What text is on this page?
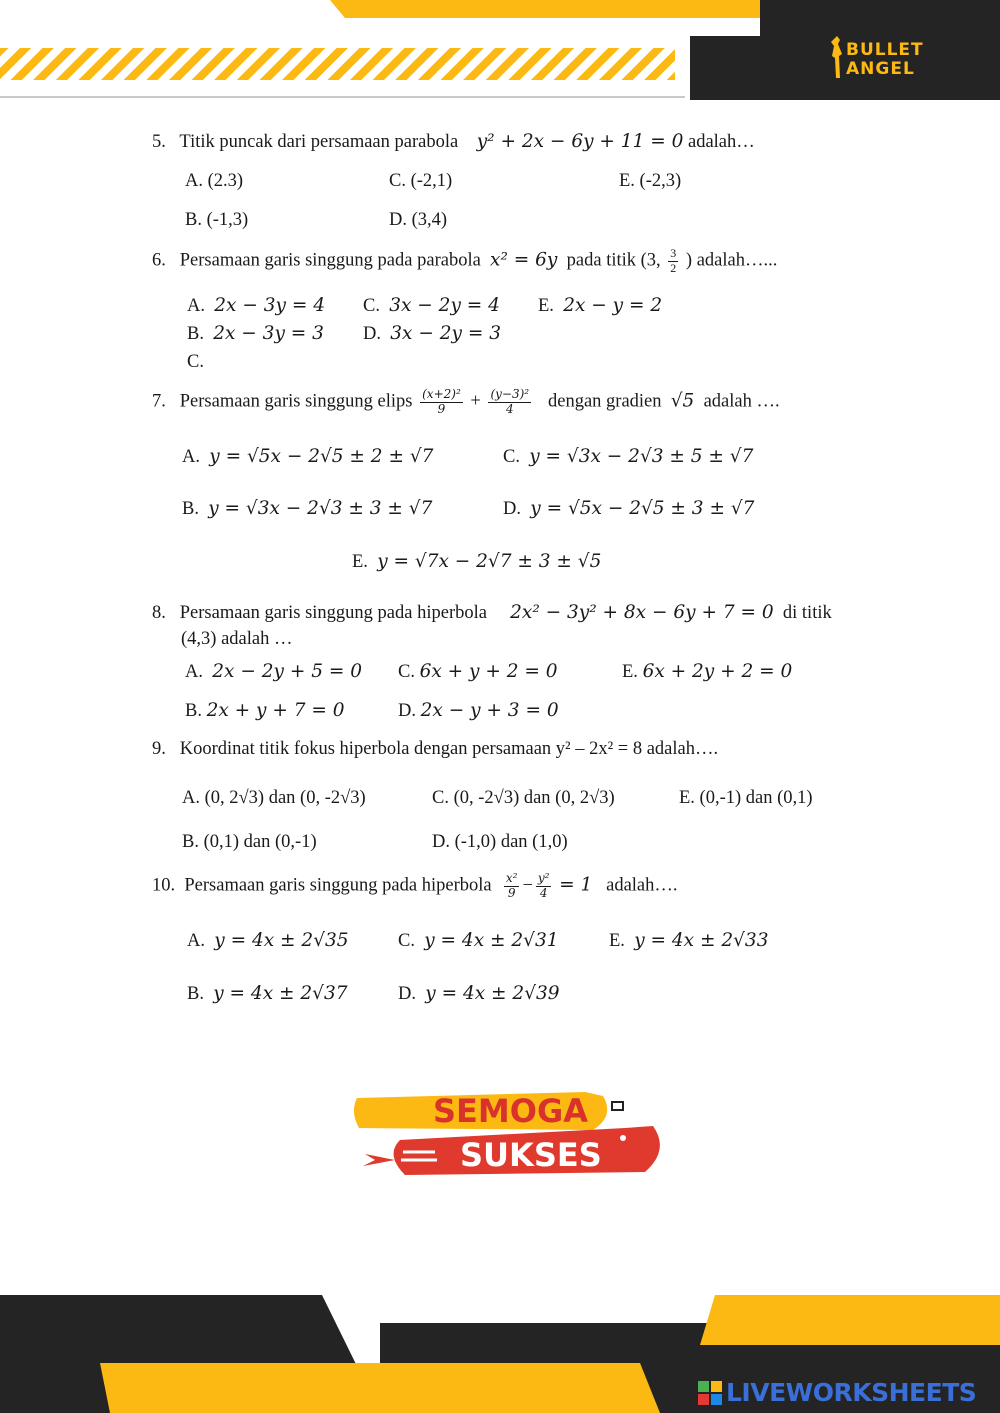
BULLET
ANGEL
5. Titik puncak dari persamaan parabola y² + 2x − 6y + 11 = 0 adalah…
A. (2.3)	C. (-2,1)	E. (-2,3)
B. (-1,3)	D. (3,4)
6. Persamaan garis singgung pada parabola x² = 6y pada titik (3, $\frac{3}{2}$ ) adalah…...
A. 2x − 3y = 4 C. 3x − 2y = 4 E. 2x − y = 2
B. 2x − 3y = 3 D. 3x − 2y = 3
C.
7. Persamaan garis singgung elips $\frac{\text{(x+2)²}}{9} + \frac{\text{(y−3)²}}{4}$ dengan gradien √5 adalah ….
A. y = √5x − 2√5 ± 2 ± √7	C. y = √3x − 2√3 ± 5 ± √7
B. y = √3x − 2√3 ± 3 ± √7	D. y = √5x − 2√5 ± 3 ± √7
E. y = √7x − 2√7 ± 3 ± √5
8. Persamaan garis singgung pada hiperbola 2x² − 3y² + 8x − 6y + 7 = 0 di titik
(4,3) adalah …
A. 2x − 2y + 5 = 0 C. 6x + y + 2 = 0	E. 6x + 2y + 2 = 0
B. 2x + y + 7 = 0	D. 2x − y + 3 = 0
9. Koordinat titik fokus hiperbola dengan persamaan y² – 2x² = 8 adalah….
A. (0, 2√3) dan (0, -2√3)	C. (0, -2√3) dan (0, 2√3)	E. (0,-1) dan (0,1)
B. (0,1) dan (0,-1)	D. (-1,0) dan (1,0)
10. Persamaan garis singgung pada hiperbola $\frac{\text{x²}}{9} - \frac{\text{y²}}{4} = 1$ adalah….
A. y = 4x ± 2√35	C. y = 4x ± 2√31	E. y = 4x ± 2√33
B. y = 4x ± 2√37	D. y = 4x ± 2√39
SEMOGA
SUKSES
LIVEWORKSHEETS
